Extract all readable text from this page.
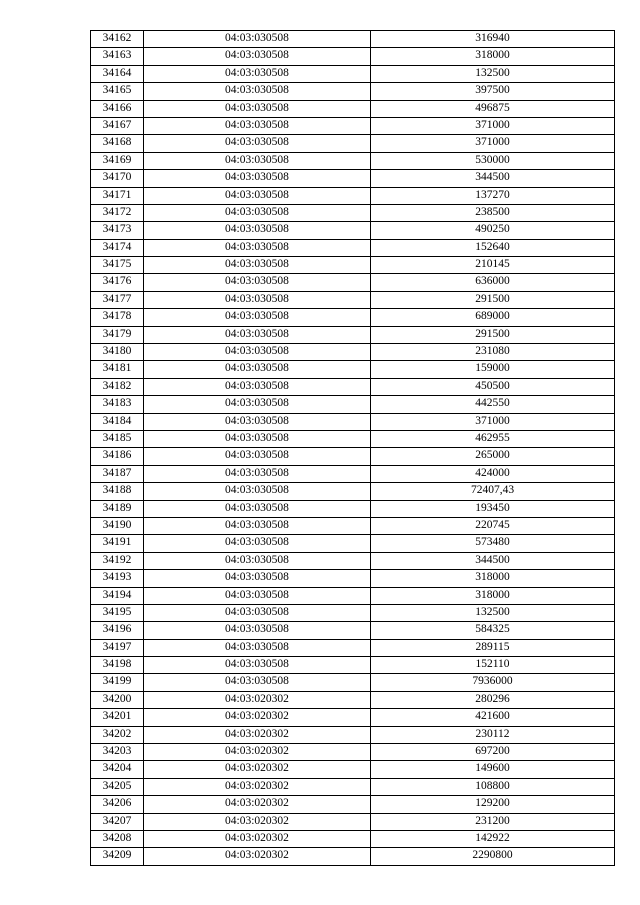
34162	04:03:030508	316940
34163	04:03:030508	318000
34164	04:03:030508	132500
34165	04:03:030508	397500
34166	04:03:030508	496875
34167	04:03:030508	371000
34168	04:03:030508	371000
34169	04:03:030508	530000
34170	04:03:030508	344500
34171	04:03:030508	137270
34172	04:03:030508	238500
34173	04:03:030508	490250
34174	04:03:030508	152640
34175	04:03:030508	210145
34176	04:03:030508	636000
34177	04:03:030508	291500
34178	04:03:030508	689000
34179	04:03:030508	291500
34180	04:03:030508	231080
34181	04:03:030508	159000
34182	04:03:030508	450500
34183	04:03:030508	442550
34184	04:03:030508	371000
34185	04:03:030508	462955
34186	04:03:030508	265000
34187	04:03:030508	424000
34188	04:03:030508	72407,43
34189	04:03:030508	193450
34190	04:03:030508	220745
34191	04:03:030508	573480
34192	04:03:030508	344500
34193	04:03:030508	318000
34194	04:03:030508	318000
34195	04:03:030508	132500
34196	04:03:030508	584325
34197	04:03:030508	289115
34198	04:03:030508	152110
34199	04:03:030508	7936000
34200	04:03:020302	280296
34201	04:03:020302	421600
34202	04:03:020302	230112
34203	04:03:020302	697200
34204	04:03:020302	149600
34205	04:03:020302	108800
34206	04:03:020302	129200
34207	04:03:020302	231200
34208	04:03:020302	142922
34209	04:03:020302	2290800
